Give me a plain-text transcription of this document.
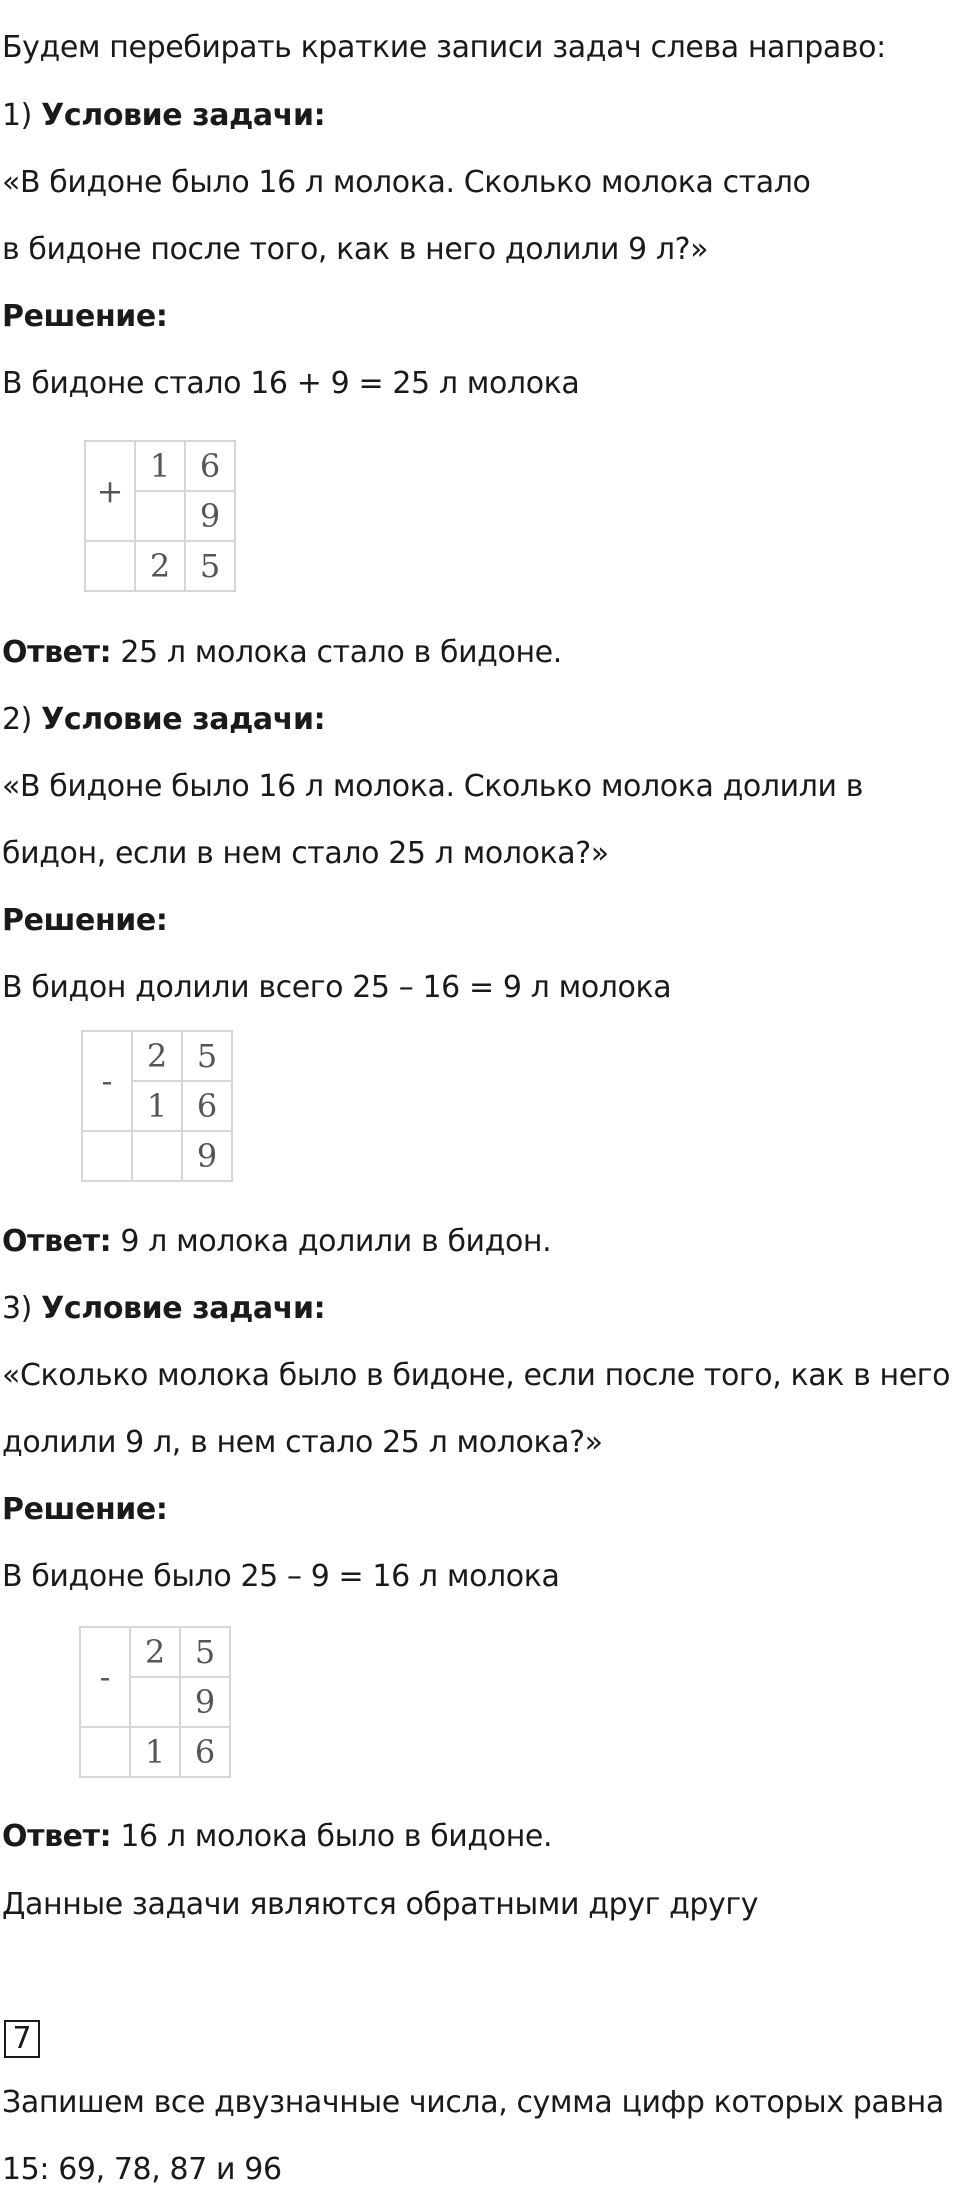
Будем перебирать краткие записи задач слева направо:
1) Условие задачи:
«В бидоне было 16 л молока. Сколько молока стало
в бидоне после того, как в него долили 9 л?»
Решение:
В бидоне стало 16 + 9 = 25 л молока
+	1	6
		9
	2	5
Ответ: 25 л молока стало в бидоне.
2) Условие задачи:
«В бидоне было 16 л молока. Сколько молока долили в
бидон, если в нем стало 25 л молока?»
Решение:
В бидон долили всего 25 – 16 = 9 л молока
-	2	5
	1	6
		9
Ответ: 9 л молока долили в бидон.
3) Условие задачи:
«Сколько молока было в бидоне, если после того, как в него
долили 9 л, в нем стало 25 л молока?»
Решение:
В бидоне было 25 – 9 = 16 л молока
-	2	5
		9
	1	6
Ответ: 16 л молока было в бидоне.
Данные задачи являются обратными друг другу
7
Запишем все двузначные числа, сумма цифр которых равна
15: 69, 78, 87 и 96
